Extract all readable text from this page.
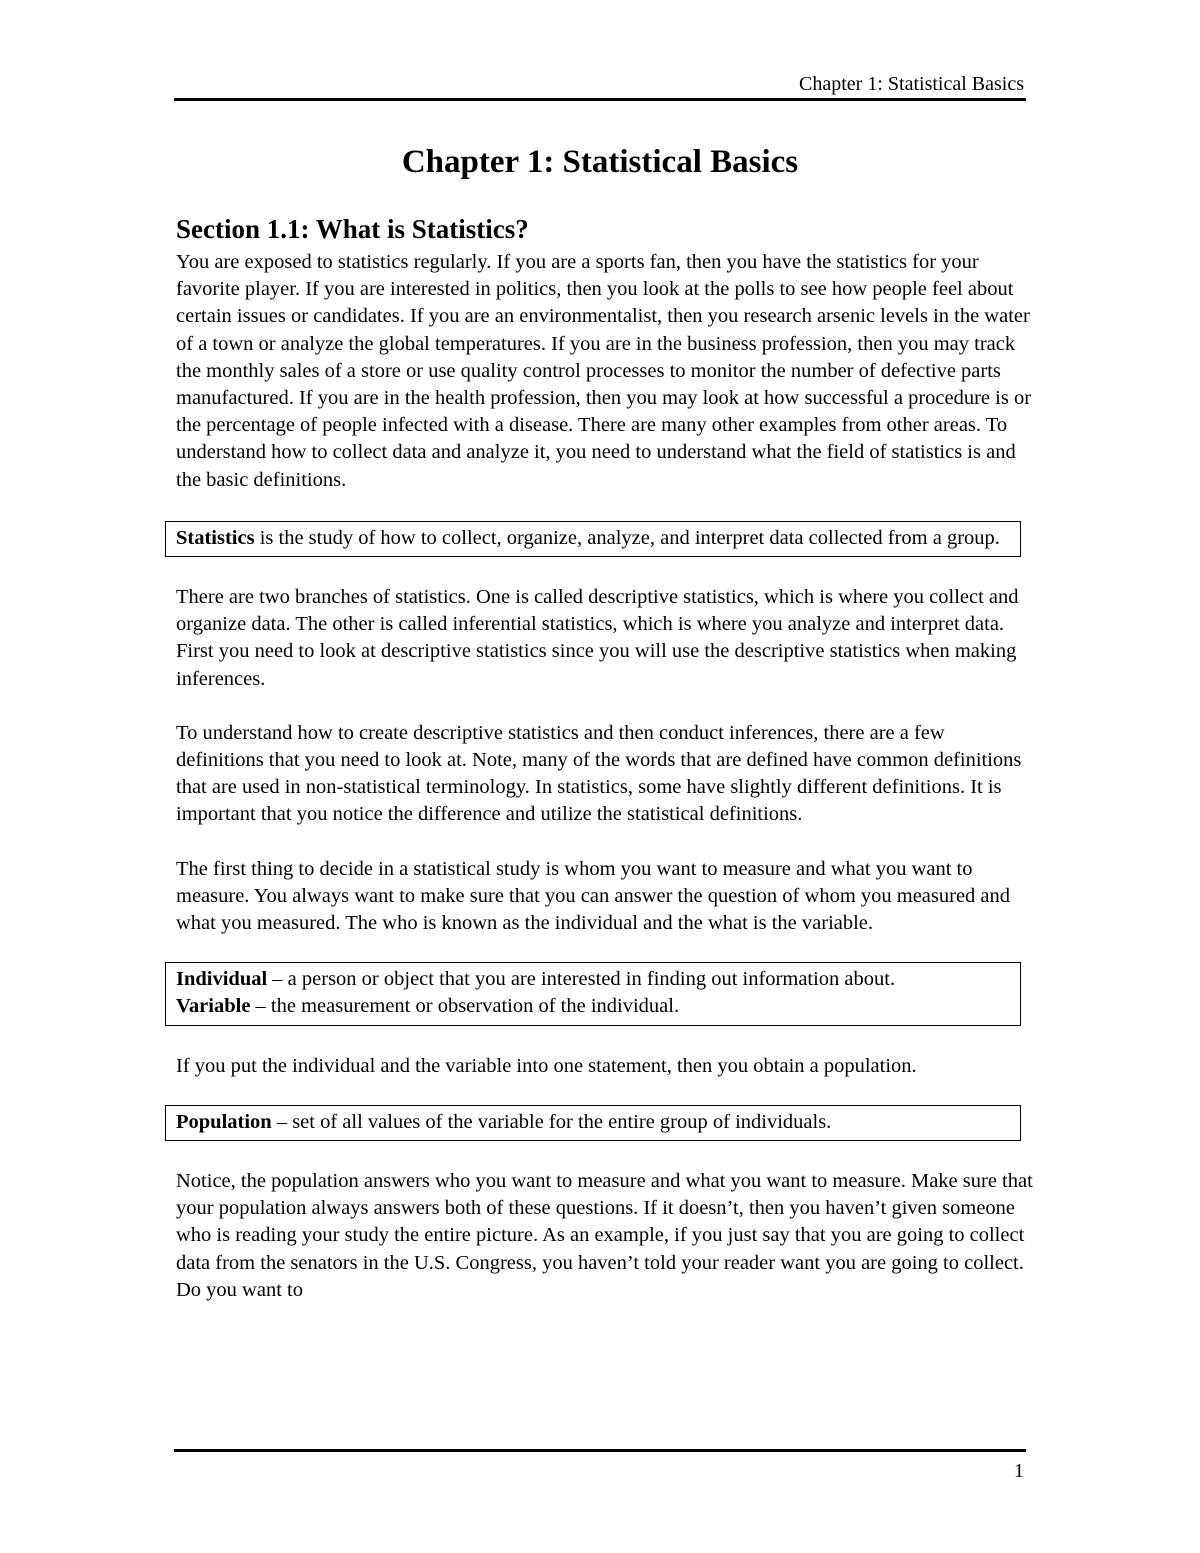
Chapter 1: Statistical Basics
Chapter 1: Statistical Basics
Section 1.1: What is Statistics?

You are exposed to statistics regularly. If you are a sports fan, then you have the statistics for your favorite player. If you are interested in politics, then you look at the polls to see how people feel about certain issues or candidates. If you are an environmentalist, then you research arsenic levels in the water of a town or analyze the global temperatures. If you are in the business profession, then you may track the monthly sales of a store or use quality control processes to monitor the number of defective parts manufactured. If you are in the health profession, then you may look at how successful a procedure is or the percentage of people infected with a disease. There are many other examples from other areas. To understand how to collect data and analyze it, you need to understand what the field of statistics is and the basic definitions.

Statistics is the study of how to collect, organize, analyze, and interpret data collected from a group.

There are two branches of statistics. One is called descriptive statistics, which is where you collect and organize data. The other is called inferential statistics, which is where you analyze and interpret data. First you need to look at descriptive statistics since you will use the descriptive statistics when making inferences.

To understand how to create descriptive statistics and then conduct inferences, there are a few definitions that you need to look at. Note, many of the words that are defined have common definitions that are used in non-statistical terminology. In statistics, some have slightly different definitions. It is important that you notice the difference and utilize the statistical definitions.

The first thing to decide in a statistical study is whom you want to measure and what you want to measure. You always want to make sure that you can answer the question of whom you measured and what you measured. The who is known as the individual and the what is the variable.

Individual – a person or object that you are interested in finding out information about.
Variable – the measurement or observation of the individual.

If you put the individual and the variable into one statement, then you obtain a population.

Population – set of all values of the variable for the entire group of individuals.

Notice, the population answers who you want to measure and what you want to measure. Make sure that your population always answers both of these questions. If it doesn’t, then you haven’t given someone who is reading your study the entire picture. As an example, if you just say that you are going to collect data from the senators in the U.S. Congress, you haven’t told your reader want you are going to collect. Do you want to

1
